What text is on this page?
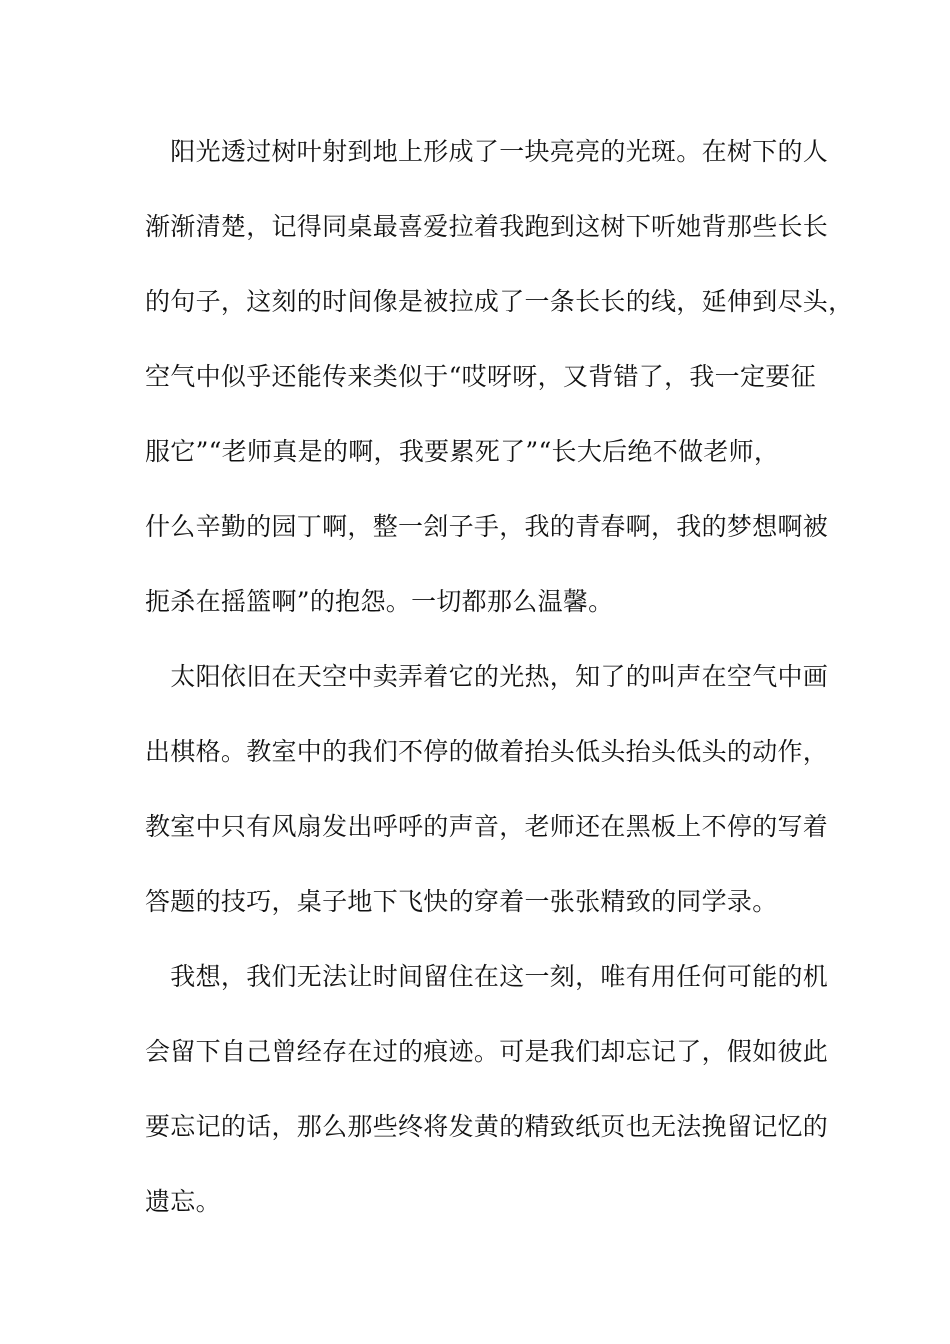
　阳光透过树叶射到地上形成了一块亮亮的光斑。在树下的人
渐渐清楚，记得同桌最喜爱拉着我跑到这树下听她背那些长长
的句子，这刻的时间像是被拉成了一条长长的线，延伸到尽头，
空气中似乎还能传来类似于“哎呀呀，又背错了，我一定要征
服它”“老师真是的啊，我要累死了”“长大后绝不做老师，
什么辛勤的园丁啊，整一刽子手，我的青春啊，我的梦想啊被
扼杀在摇篮啊”的抱怨。一切都那么温馨。
　太阳依旧在天空中卖弄着它的光热，知了的叫声在空气中画
出棋格。教室中的我们不停的做着抬头低头抬头低头的动作，
教室中只有风扇发出呼呼的声音，老师还在黑板上不停的写着
答题的技巧，桌子地下飞快的穿着一张张精致的同学录。
　我想，我们无法让时间留住在这一刻，唯有用任何可能的机
会留下自己曾经存在过的痕迹。可是我们却忘记了，假如彼此
要忘记的话，那么那些终将发黄的精致纸页也无法挽留记忆的
遗忘。
